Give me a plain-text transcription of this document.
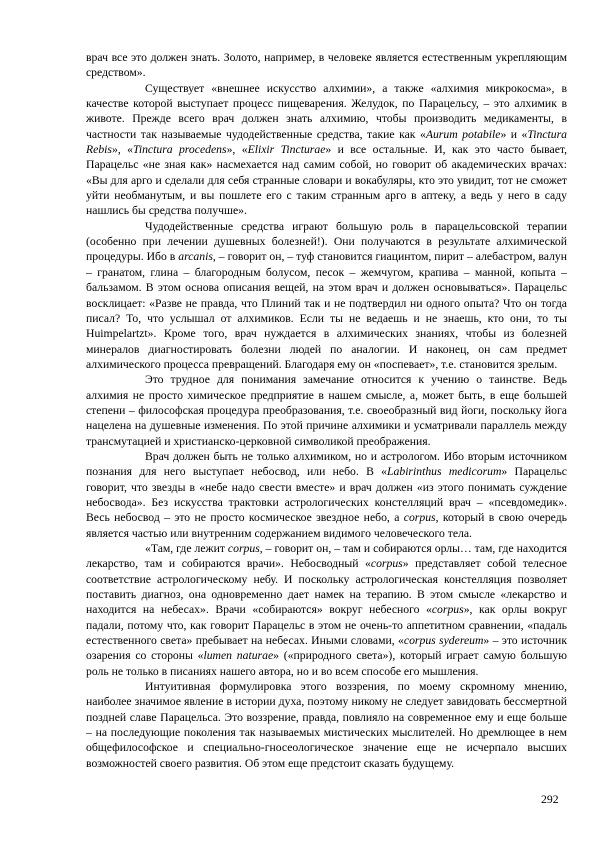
врач все это должен знать. Золото, например, в человеке является естественным укрепляющим средством».

Существует «внешнее искусство алхимии», а также «алхимия микрокосма», в качестве которой выступает процесс пищеварения. Желудок, по Парацельсу, – это алхимик в животе. Прежде всего врач должен знать алхимию, чтобы производить медикаменты, в частности так называемые чудодейственные средства, такие как «Aurum potabile» и «Tinctura Rebis», «Tinctura procedens», «Elixir Tincturae» и все остальные. И, как это часто бывает, Парацельс «не зная как» насмехается над самим собой, но говорит об академических врачах: «Вы для арго и сделали для себя странные словари и вокабуляры, кто это увидит, тот не сможет уйти необманутым, и вы пошлете его с таким странным арго в аптеку, а ведь у него в саду нашлись бы средства получше».

Чудодейственные средства играют большую роль в парацельсовской терапии (особенно при лечении душевных болезней!). Они получаются в результате алхимической процедуры. Ибо в arcanis, – говорит он, – туф становится гиацинтом, пирит – алебастром, валун – гранатом, глина – благородным болусом, песок – жемчугом, крапива – манной, копыта – бальзамом. В этом основа описания вещей, на этом врач и должен основываться». Парацельс восклицает: «Разве не правда, что Плиний так и не подтвердил ни одного опыта? Что он тогда писал? То, что услышал от алхимиков. Если ты не ведаешь и не знаешь, кто они, то ты Huimpelartzt». Кроме того, врач нуждается в алхимических знаниях, чтобы из болезней минералов диагностировать болезни людей по аналогии. И наконец, он сам предмет алхимического процесса превращений. Благодаря ему он «поспевает», т.е. становится зрелым.

Это трудное для понимания замечание относится к учению о таинстве. Ведь алхимия не просто химическое предприятие в нашем смысле, а, может быть, в еще большей степени – философская процедура преобразования, т.е. своеобразный вид йоги, поскольку йога нацелена на душевные изменения. По этой причине алхимики и усматривали параллель между трансмутацией и христианско-церковной символикой преображения.

Врач должен быть не только алхимиком, но и астрологом. Ибо вторым источником познания для него выступает небосвод, или небо. В «Labirinthus medicorum» Парацельс говорит, что звезды в «небе надо свести вместе» и врач должен «из этого понимать суждение небосвода». Без искусства трактовки астрологических констелляций врач – «псевдомедик». Весь небосвод – это не просто космическое звездное небо, а corpus, который в свою очередь является частью или внутренним содержанием видимого человеческого тела.

«Там, где лежит corpus, – говорит он, – там и собираются орлы… там, где находится лекарство, там и собираются врачи». Небосводный «corpus» представляет собой телесное соответствие астрологическому небу. И поскольку астрологическая констелляция позволяет поставить диагноз, она одновременно дает намек на терапию. В этом смысле «лекарство и находится на небесах». Врачи «собираются» вокруг небесного «corpus», как орлы вокруг падали, потому что, как говорит Парацельс в этом не очень-то аппетитном сравнении, «падаль естественного света» пребывает на небесах. Иными словами, «corpus sydereum» – это источник озарения со стороны «lumen naturae» («природного света»), который играет самую большую роль не только в писаниях нашего автора, но и во всем способе его мышления.

Интуитивная формулировка этого воззрения, по моему скромному мнению, наиболее значимое явление в истории духа, поэтому никому не следует завидовать бессмертной поздней славе Парацельса. Это воззрение, правда, повлияло на современное ему и еще больше – на последующие поколения так называемых мистических мыслителей. Но дремлющее в нем общефилософское и специально-гносеологическое значение еще не исчерпало высших возможностей своего развития. Об этом еще предстоит сказать будущему.

292
